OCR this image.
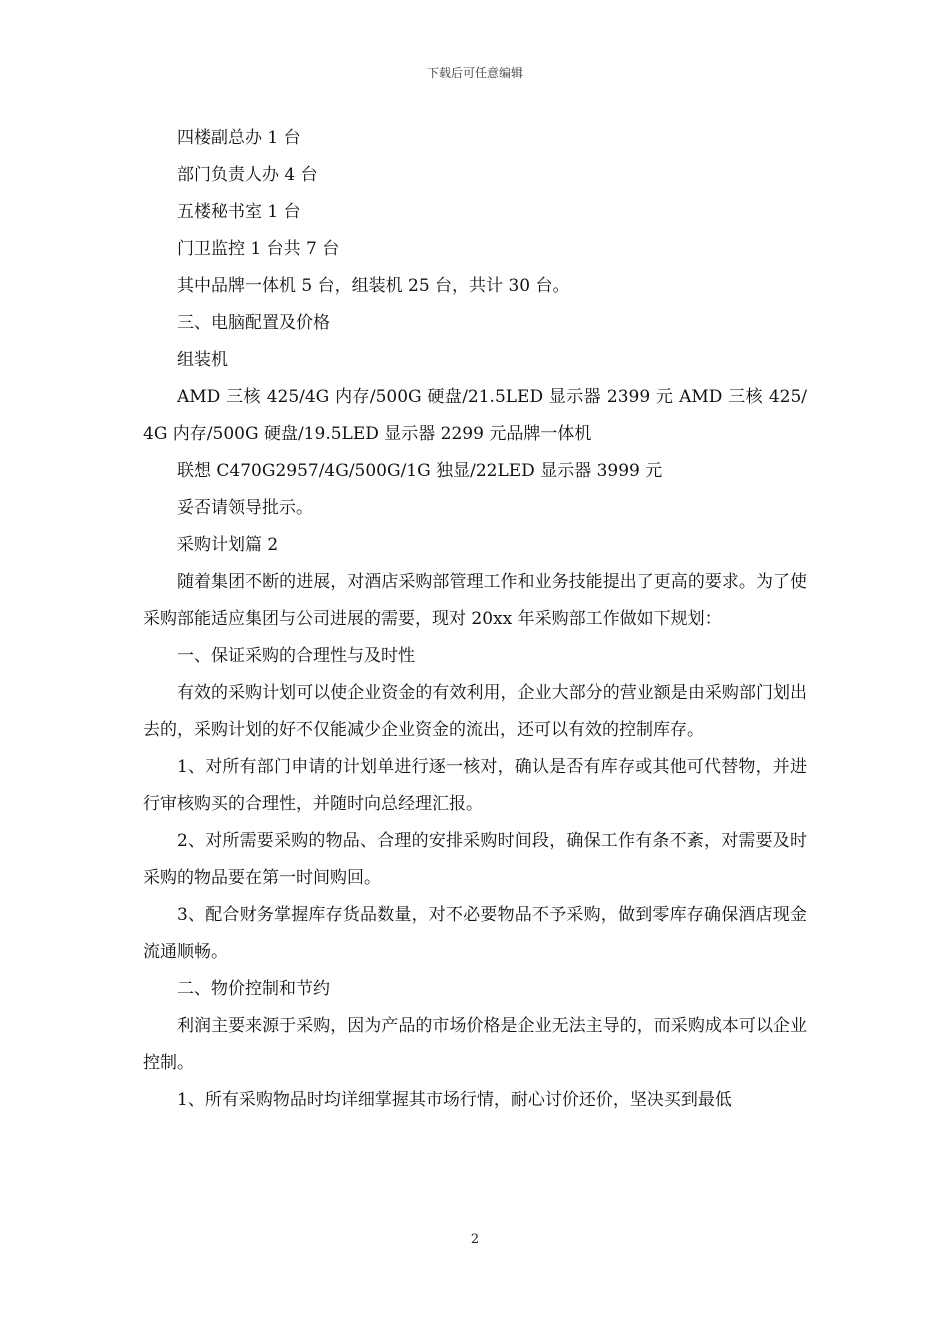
下载后可任意编辑

四楼副总办 1 台

部门负责人办 4 台

五楼秘书室 1 台

门卫监控 1 台共 7 台

其中品牌一体机 5 台，组装机 25 台，共计 30 台。

三、电脑配置及价格

组装机

AMD 三核 425/4G 内存/500G 硬盘/21.5LED 显示器 2399 元 AMD 三核 425/4G 内存/500G 硬盘/19.5LED 显示器 2299 元品牌一体机

联想 C470G2957/4G/500G/1G 独显/22LED 显示器 3999 元

妥否请领导批示。

采购计划篇 2

随着集团不断的进展，对酒店采购部管理工作和业务技能提出了更高的要求。为了使采购部能适应集团与公司进展的需要，现对 20xx 年采购部工作做如下规划：

一、保证采购的合理性与及时性

有效的采购计划可以使企业资金的有效利用，企业大部分的营业额是由采购部门划出去的，采购计划的好不仅能减少企业资金的流出，还可以有效的控制库存。

1、对所有部门申请的计划单进行逐一核对，确认是否有库存或其他可代替物，并进行审核购买的合理性，并随时向总经理汇报。

2、对所需要采购的物品、合理的安排采购时间段，确保工作有条不紊，对需要及时采购的物品要在第一时间购回。

3、配合财务掌握库存货品数量，对不必要物品不予采购，做到零库存确保酒店现金流通顺畅。

二、物价控制和节约

利润主要来源于采购，因为产品的市场价格是企业无法主导的，而采购成本可以企业控制。

1、所有采购物品时均详细掌握其市场行情，耐心讨价还价，坚决买到最低

2
